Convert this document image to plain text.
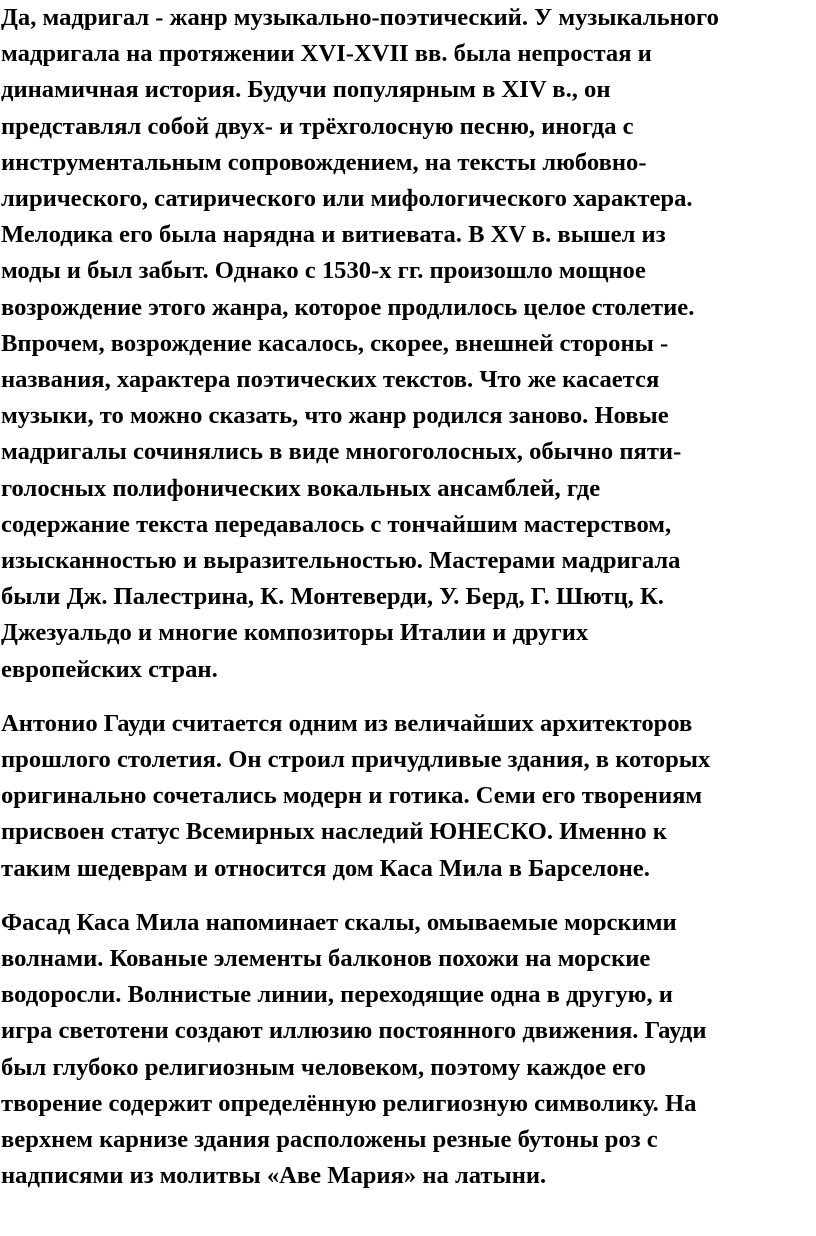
Да, мадригал - жанр музыкально-поэтический. У музыкального
мадригала на протяжении XVI-XVII вв. была непростая и
динамичная история. Будучи популярным в XIV в., он
представлял собой двух- и трёхголосную песню, иногда с
инструментальным сопровождением, на тексты любовно-
лирического, сатирического или мифологического характера.
Мелодика его была нарядна и витиевата. В XV в. вышел из
моды и был забыт. Однако с 1530-х гг. произошло мощное
возрождение этого жанра, которое продлилось целое столетие.
Впрочем, возрождение касалось, скорее, внешней стороны -
названия, характера поэтических текстов. Что же касается
музыки, то можно сказать, что жанр родился заново. Новые
мадригалы сочинялись в виде многоголосных, обычно пяти-
голосных полифонических вокальных ансамблей, где
содержание текста передавалось с тончайшим мастерством,
изысканностью и выразительностью. Мастерами мадригала
были Дж. Палестрина, К. Монтеверди, У. Берд, Г. Шютц, К.
Джезуальдо и многие композиторы Италии и других
европейских стран.

Антонио Гауди считается одним из величайших архитекторов
прошлого столетия. Он строил причудливые здания, в которых
оригинально сочетались модерн и готика. Семи его творениям
присвоен статус Всемирных наследий ЮНЕСКО. Именно к
таким шедеврам и относится дом Каса Мила в Барселоне.

Фасад Каса Мила напоминает скалы, омываемые морскими
волнами. Кованые элементы балконов похожи на морские
водоросли. Волнистые линии, переходящие одна в другую, и
игра светотени создают иллюзию постоянного движения. Гауди
был глубоко религиозным человеком, поэтому каждое его
творение содержит определённую религиозную символику. На
верхнем карнизе здания расположены резные бутоны роз с
надписями из молитвы «Аве Мария» на латыни.
